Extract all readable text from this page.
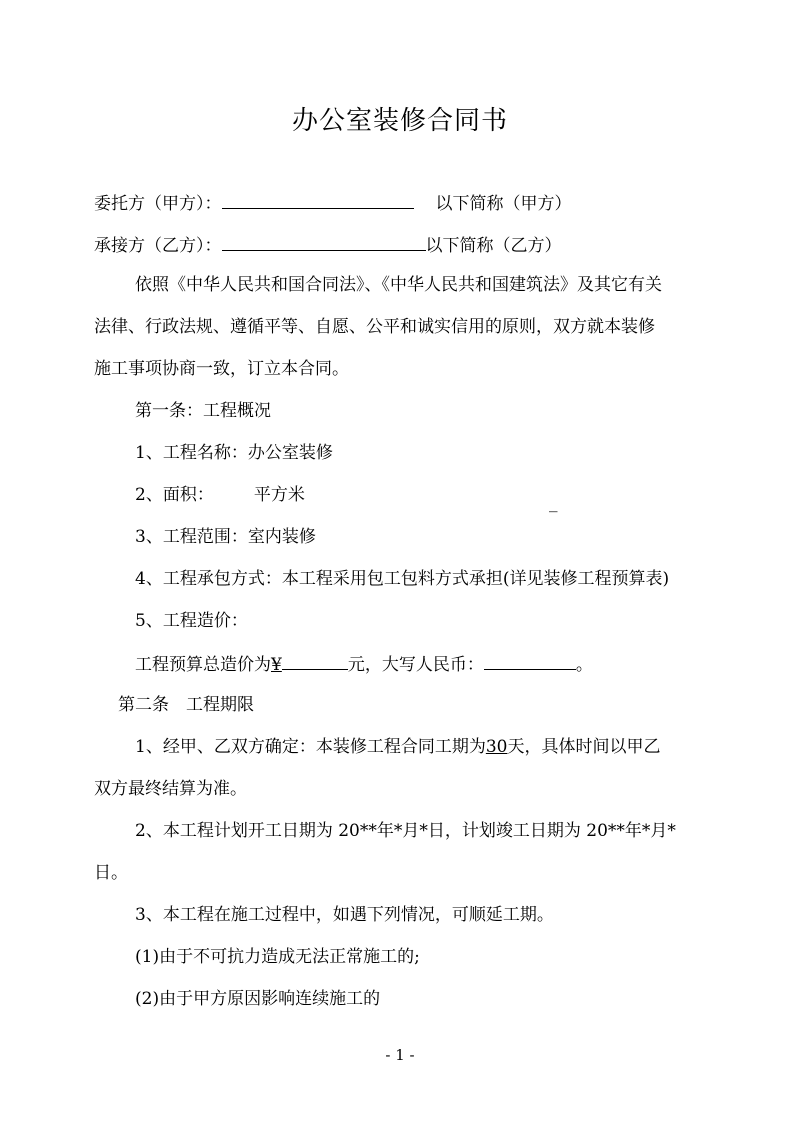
办公室装修合同书
委托方（甲方）：	以下简称（甲方）
承接方（乙方）：	以下简称（乙方）
依照《中华人民共和国合同法》、《中华人民共和国建筑法》及其它有关
法律、行政法规、遵循平等、自愿、公平和诚实信用的原则，双方就本装修
施工事项协商一致，订立本合同。
第一条：工程概况
1、工程名称：办公室装修
2、面积： 平方米	_
3、工程范围：室内装修
4、工程承包方式：本工程采用包工包料方式承担(详见装修工程预算表)
5、工程造价：
工程预算总造价为¥	元，大写人民币：	。
第二条　工程期限
1、经甲、乙双方确定：本装修工程合同工期为30天，具体时间以甲乙
双方最终结算为准。
2、本工程计划开工日期为 20**年*月*日，计划竣工日期为 20**年*月*
日。
3、本工程在施工过程中，如遇下列情况，可顺延工期。
(1)由于不可抗力造成无法正常施工的;
(2)由于甲方原因影响连续施工的
- 1 -
